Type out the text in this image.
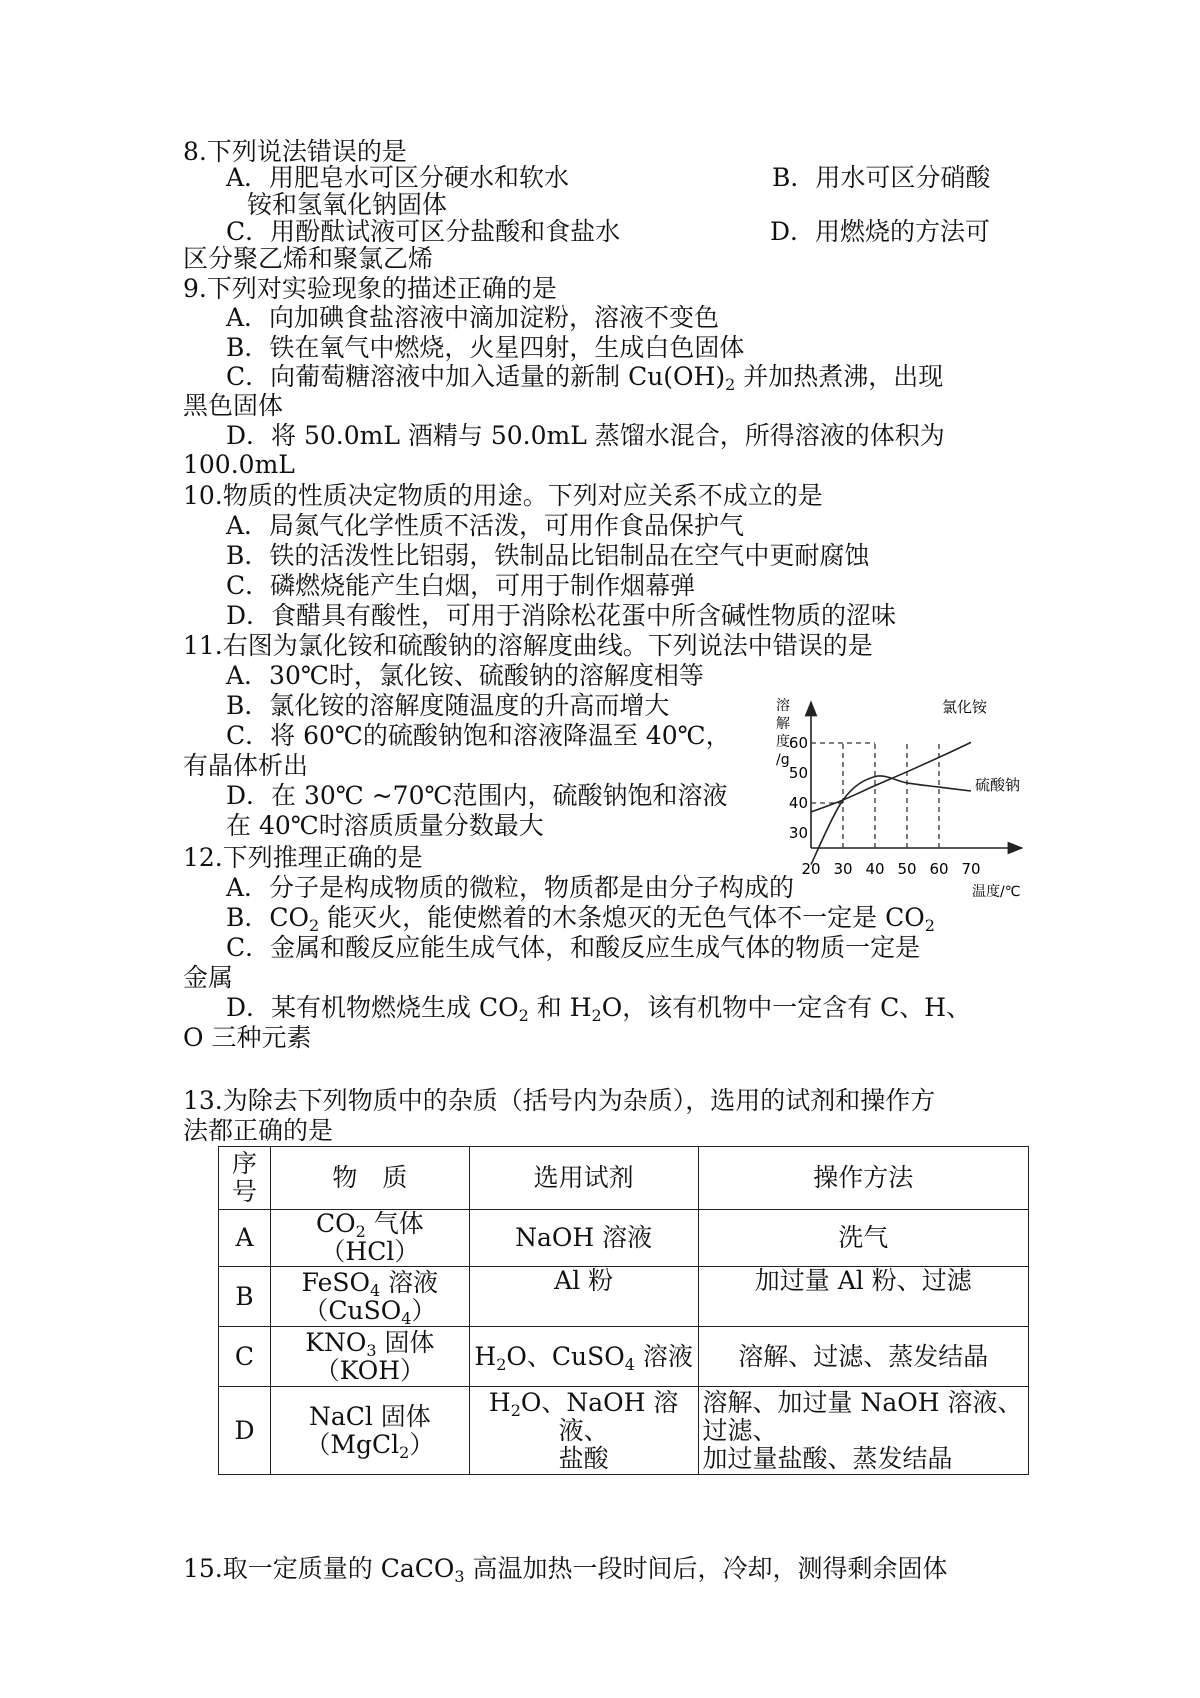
8.下列说法错误的是
A．用肥皂水可区分硬水和软水	B．用水可区分硝酸
铵和氢氧化钠固体
C．用酚酞试液可区分盐酸和食盐水	D．用燃烧的方法可
区分聚乙烯和聚氯乙烯
9.下列对实验现象的描述正确的是
A．向加碘食盐溶液中滴加淀粉，溶液不变色
B．铁在氧气中燃烧，火星四射，生成白色固体
C．向葡萄糖溶液中加入适量的新制 $Cu(OH)_2$ 并加热煮沸，出现
黑色固体
D．将 50.0mL 酒精与 50.0mL 蒸馏水混合，所得溶液的体积为
100.0mL
10.物质的性质决定物质的用途。下列对应关系不成立的是
A．局氮气化学性质不活泼，可用作食品保护气
B．铁的活泼性比铝弱，铁制品比铝制品在空气中更耐腐蚀
C．磷燃烧能产生白烟，可用于制作烟幕弹
D．食醋具有酸性，可用于消除松花蛋中所含碱性物质的涩味
11.右图为氯化铵和硫酸钠的溶解度曲线。下列说法中错误的是
A．30℃时，氯化铵、硫酸钠的溶解度相等
B．氯化铵的溶解度随温度的升高而增大
C．将 60℃的硫酸钠饱和溶液降温至 40℃，
有晶体析出
D．在 30℃ ~70℃范围内，硫酸钠饱和溶液
在 40℃时溶质质量分数最大
溶
解
度
/g
20 30 40 50 60 70
30
40
50
60
氯化铵
硫酸钠
温度/℃
12.下列推理正确的是
A．分子是构成物质的微粒，物质都是由分子构成的
B．$CO_2$ 能灭火，能使燃着的木条熄灭的无色气体不一定是 $CO_2$
C．金属和酸反应能生成气体，和酸反应生成气体的物质一定是
金属
D．某有机物燃烧生成 $CO_2$ 和 $H_2O$，该有机物中一定含有 C、H、
O 三种元素
13.为除去下列物质中的杂质（括号内为杂质），选用的试剂和操作方
法都正确的是
序
号	物　质	选用试剂	操作方法
A	$CO_2$ 气体（HCl）	NaOH 溶液	洗气
B	FeSO$_4$ 溶液
（CuSO$_4$）	Al 粉	加过量 Al 粉、过滤
C	$KNO_3$ 固体
（KOH）	$H_2O$、CuSO$_4$ 溶液	溶解、过滤、蒸发结晶
D	NaCl 固体
（MgCl$_2$）	$H_2O$、NaOH 溶液、
盐酸	溶解、加过量 NaOH 溶液、
过滤、
加过量盐酸、蒸发结晶
15.取一定质量的 CaCO$_3$ 高温加热一段时间后，冷却，测得剩余固体
